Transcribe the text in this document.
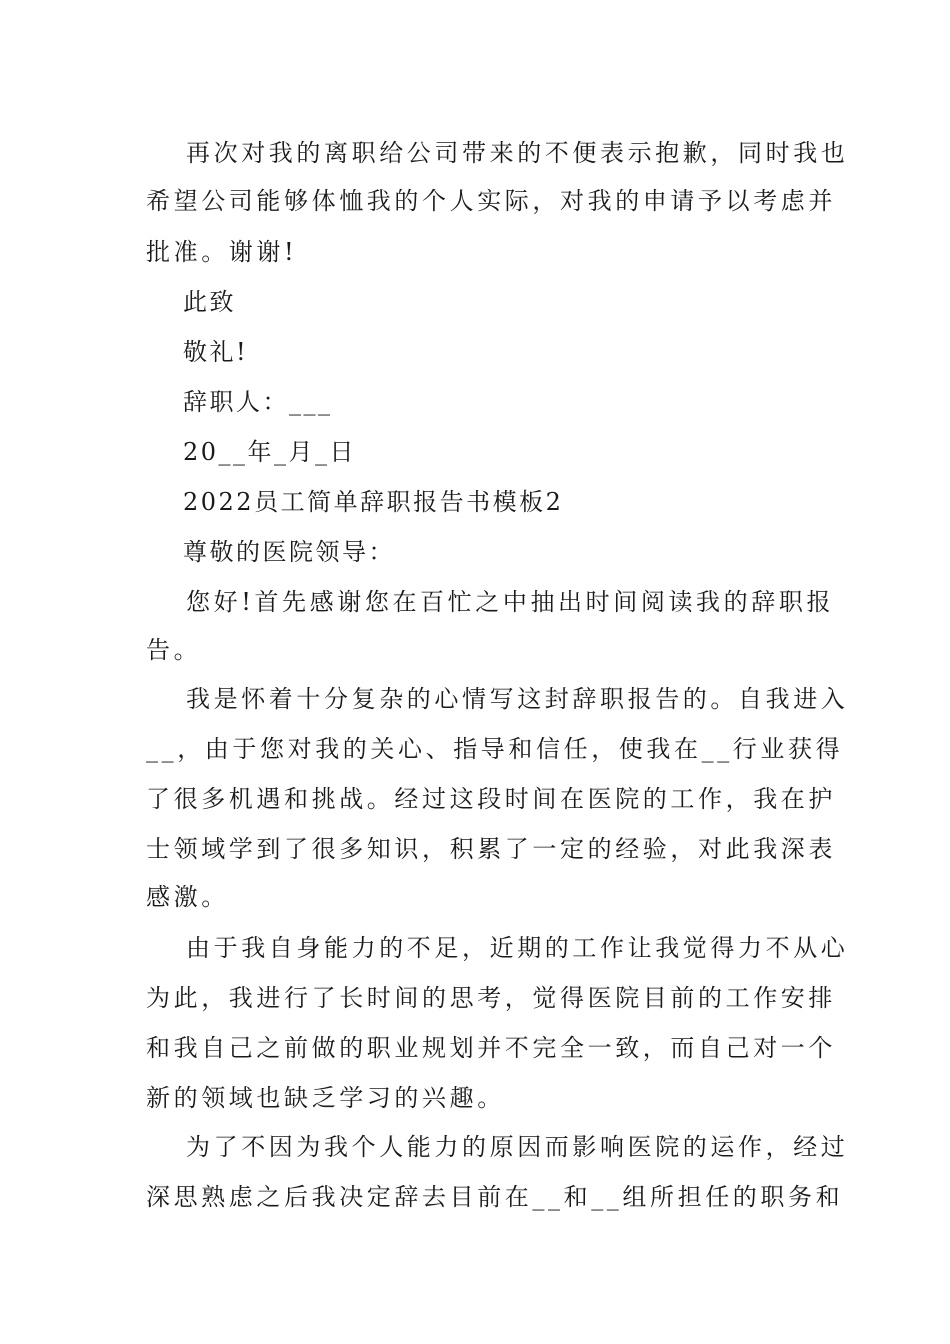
再次对我的离职给公司带来的不便表示抱歉，同时我也
希望公司能够体恤我的个人实际，对我的申请予以考虑并
批准。谢谢!
此致
敬礼!
辞职人：___
20__年_月_日
2022员工简单辞职报告书模板2
尊敬的医院领导：
您好!首先感谢您在百忙之中抽出时间阅读我的辞职报
告。
我是怀着十分复杂的心情写这封辞职报告的。自我进入
__，由于您对我的关心、指导和信任，使我在__行业获得
了很多机遇和挑战。经过这段时间在医院的工作，我在护
士领域学到了很多知识，积累了一定的经验，对此我深表
感激。
由于我自身能力的不足，近期的工作让我觉得力不从心
为此，我进行了长时间的思考，觉得医院目前的工作安排
和我自己之前做的职业规划并不完全一致，而自己对一个
新的领域也缺乏学习的兴趣。
为了不因为我个人能力的原因而影响医院的运作，经过
深思熟虑之后我决定辞去目前在__和__组所担任的职务和
